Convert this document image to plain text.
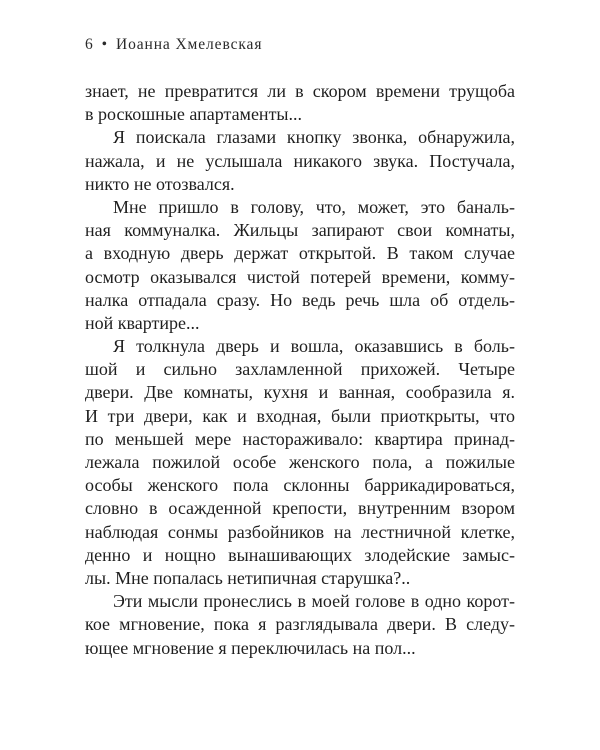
6 • Иоанна Хмелевская
знает, не превратится ли в скором времени трущоба
в роскошные апартаменты...
Я поискала глазами кнопку звонка, обнаружила,
нажала, и не услышала никакого звука. Постучала,
никто не отозвался.
Мне пришло в голову, что, может, это баналь-
ная коммуналка. Жильцы запирают свои комнаты,
а входную дверь держат открытой. В таком случае
осмотр оказывался чистой потерей времени, комму-
налка отпадала сразу. Но ведь речь шла об отдель-
ной квартире...
Я толкнула дверь и вошла, оказавшись в боль-
шой и сильно захламленной прихожей. Четыре
двери. Две комнаты, кухня и ванная, сообразила я.
И три двери, как и входная, были приоткрыты, что
по меньшей мере настораживало: квартира принад-
лежала пожилой особе женского пола, а пожилые
особы женского пола склонны баррикадироваться,
словно в осажденной крепости, внутренним взором
наблюдая сонмы разбойников на лестничной клетке,
денно и нощно вынашивающих злодейские замыс-
лы. Мне попалась нетипичная старушка?..
Эти мысли пронеслись в моей голове в одно корот-
кое мгновение, пока я разглядывала двери. В следу-
ющее мгновение я переключилась на пол...
